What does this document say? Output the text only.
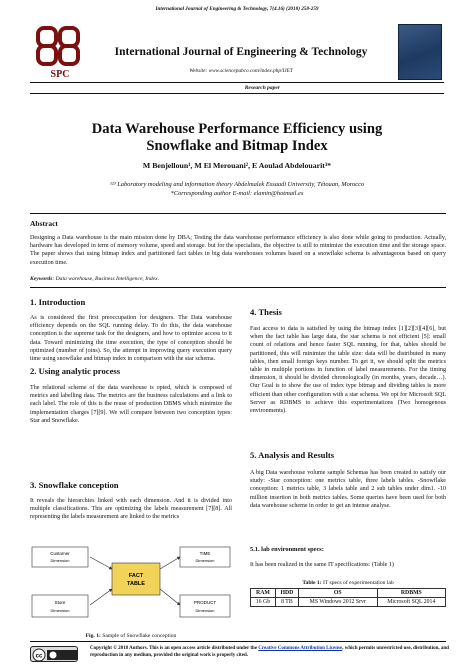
International Journal of Engineering & Technology, 7(4.16) (2018) 258-259
SPC
International Journal of Engineering & Technology
Website: www.sciencepubco.com/index.php/IJET
Research paper
Data Warehouse Performance Efficiency using Snowflake and Bitmap Index
M Benjelloun¹, M El Merouani², E Aoulad Abdelouarit³*
¹²³ Laboratory modeling and information theory Abdelmalek Essaadi University, Tétouan, Morocco
*Corresponding author E-mail: elamin@hotmail.es
Abstract
Designing a Data warehouse is the main mission done by DBA; Testing the data warehouse performance efficiency is also done while going to production. Actually, hardware has developed in term of memory volume, speed and storage. but for the specialists, the objective is still to minimize the execution time and the storage space. The paper shows that using bitmap index and partitioned fact tables in big data warehouses volumes based on a snowflake schema is advantageous based on query execution time.
Keywords: Data warehouse, Business Intelligence, Index.
1. Introduction
As is considered the first preoccupation for designers. The Data warehouse efficiency depends on the SQL running delay. To do this, the data warehouse conception is the supreme task for the designers, and how to optimize access to it data. Toward minimizing the time execution, the type of conception should be optimized (number of joins). So, the attempt in improving query execution query time using snowflake and bitmap index in comparison with the star schema.
2. Using analytic process
The relational scheme of the data warehouse is opted, which is composed of metrics and labelling data. The metrics are the business calculations and a link to each label. The role of this is the reuse of production DBMS which minimize the implementation charges [7][9]. We will compare between two conception types: Star and Snowflake.
3. Snowflake conception
It reveals the hierarchies linked with each dimension. And it is divided into multiple classifications. This are optimizing the labels measurement [7][8]. All representing the labels measurement are linked to the metrics
Customer
Dimension
FACT
TABLE
TIME
Dimension
Store
Dimension
PRODUCT
Dimension
Fig. 1: Sample of Snowflake conception
4. Thesis
Fast access to data is satisfied by using the bitmap index [1][2][3][4][6], but when the fact table has large data, the star schema is not efficient [5]: small count of relations and hence faster SQL running, for that, tables should be partitioned, this will minimize the table size: data will be distributed in many tables, then small foreign keys number. To get it, we should split the metrics table in multiple portions in function of label measurements. For the timing dimension, it should be divided chronologically (in months, years, decade…). Our Goal is to show the use of index type bitmap and dividing tables is more efficient than other configuration with a star schema. We opt for Microsoft SQL Server as RDBMS to achieve this experimentations (Two homogenous environments).
5. Analysis and Results
A big Data warehouse volume sample Schemas has been created to satisfy our study: -Star conception: one metrics table, three labels tables. -Snowflake conception: 1 metrics table, 3 labels table and 2 sub tables under dim1. -10 million insertion in both metrics tables. Some queries have been used for both data warehouse scheme in order to get an intense analyse.
5.1. lab environment specs:
It has been realized in the same IT specifications: (Table 1)
Table 1: IT specs of experimentation lab
RAM	HDD	OS	RDBMS
16 Gb	8 TB	MS Windows 2012 Srvr	Microsoft SQL 2014
cc
Copyright © 2018 Authors. This is an open access article distributed under the Creative Commons Attribution License, which permits unrestricted use, distribution, and reproduction in any medium, provided the original work is properly cited.
